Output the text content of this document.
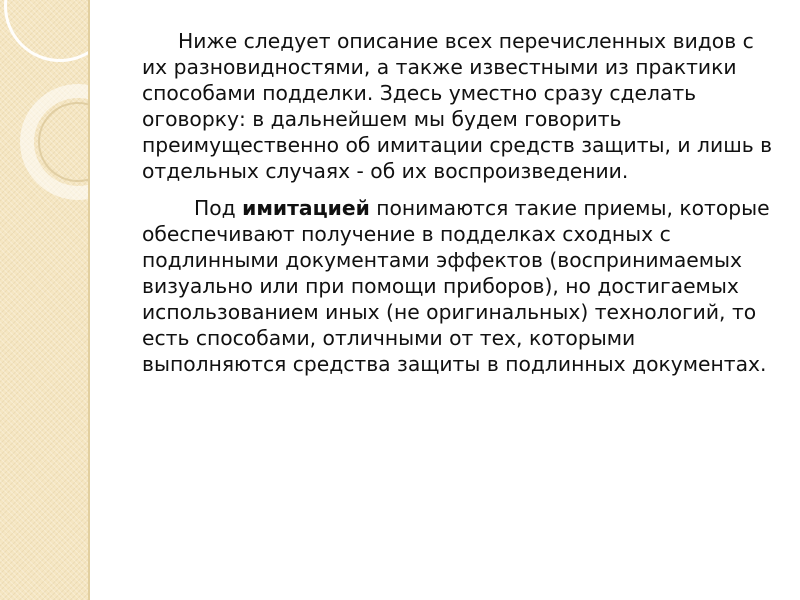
Ниже следует описание всех перечисленных видов с их разновидностями, а также известными из практики способами подделки. Здесь уместно сразу сделать оговорку: в дальнейшем мы будем говорить преимущественно об имитации средств защиты, и лишь в отдельных случаях - об их воспроизведении.

Под имитацией понимаются такие приемы, которые обеспечивают получение в подделках сходных с подлинными документами эффектов (воспринимаемых визуально или при помощи приборов), но достигаемых использованием иных (не оригинальных) технологий, то есть способами, отличными от тех, которыми выполняются средства защиты в подлинных документах.
